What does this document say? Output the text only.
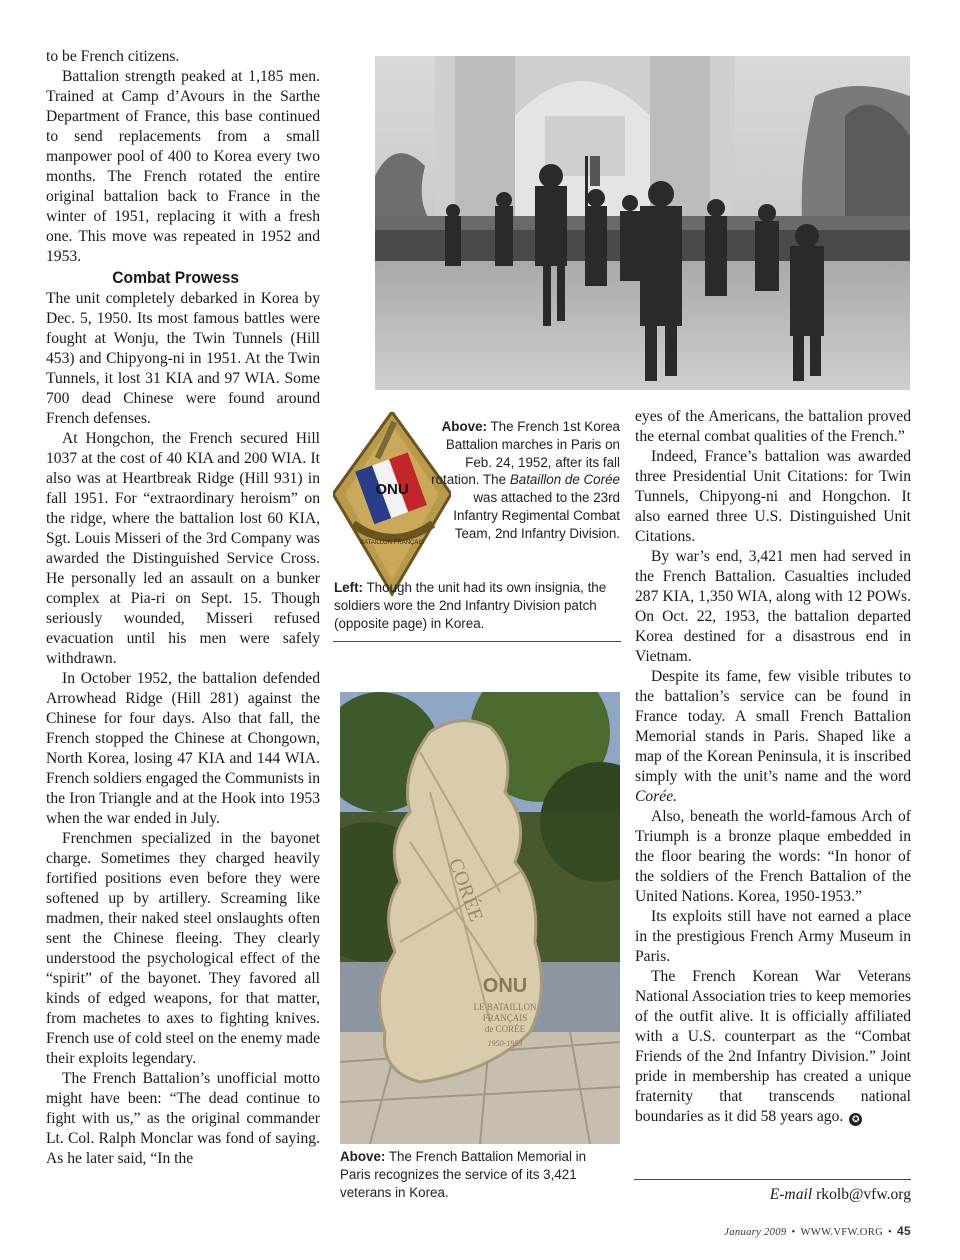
to be French citizens.

Battalion strength peaked at 1,185 men. Trained at Camp d’Avours in the Sarthe Department of France, this base continued to send replacements from a small manpower pool of 400 to Korea every two months. The French rotated the entire original battalion back to France in the winter of 1951, replacing it with a fresh one. This move was repeated in 1952 and 1953.

Combat Prowess

The unit completely debarked in Korea by Dec. 5, 1950. Its most famous battles were fought at Wonju, the Twin Tunnels (Hill 453) and Chipyong-ni in 1951. At the Twin Tunnels, it lost 31 KIA and 97 WIA. Some 700 dead Chinese were found around French defenses.

At Hongchon, the French secured Hill 1037 at the cost of 40 KIA and 200 WIA. It also was at Heartbreak Ridge (Hill 931) in fall 1951. For “extraordinary heroism” on the ridge, where the battalion lost 60 KIA, Sgt. Louis Misseri of the 3rd Company was awarded the Distinguished Service Cross. He personally led an assault on a bunker complex at Pia-ri on Sept. 15. Though seriously wounded, Misseri refused evacuation until his men were safely withdrawn.

In October 1952, the battalion defended Arrowhead Ridge (Hill 281) against the Chinese for four days. Also that fall, the French stopped the Chinese at Chongown, North Korea, losing 47 KIA and 144 WIA. French soldiers engaged the Communists in the Iron Triangle and at the Hook into 1953 when the war ended in July.

Frenchmen specialized in the bayonet charge. Sometimes they charged heavily fortified positions even before they were softened up by artillery. Screaming like madmen, their naked steel onslaughts often sent the Chinese fleeing. They clearly understood the psychological effect of the “spirit” of the bayonet. They favored all kinds of edged weapons, for that matter, from machetes to axes to fighting knives. French use of cold steel on the enemy made their exploits legendary.

The French Battalion’s unofficial motto might have been: “The dead continue to fight with us,” as the original commander Lt. Col. Ralph Monclar was fond of saying. As he later said, “In the

ONU
BATAILLON FRANÇAIS
Above: The French 1st Korea Battalion marches in Paris on Feb. 24, 1952, after its fall rotation. The Bataillon de Corée was attached to the 23rd Infantry Regimental Combat Team, 2nd Infantry Division.
Left: Though the unit had its own insignia, the soldiers wore the 2nd Infantry Division patch (opposite page) in Korea.
CORÉE
ONU
LE BATAILLON
FRANÇAIS
de CORÉE
1950-1953
Above: The French Battalion Memorial in Paris recognizes the service of its 3,421 veterans in Korea.

eyes of the Americans, the battalion proved the eternal combat qualities of the French.”

Indeed, France’s battalion was awarded three Presidential Unit Citations: for Twin Tunnels, Chipyong-ni and Hongchon. It also earned three U.S. Distinguished Unit Citations.

By war’s end, 3,421 men had served in the French Battalion. Casualties included 287 KIA, 1,350 WIA, along with 12 POWs. On Oct. 22, 1953, the battalion departed Korea destined for a disastrous end in Vietnam.

Despite its fame, few visible tributes to the battalion’s service can be found in France today. A small French Battalion Memorial stands in Paris. Shaped like a map of the Korean Peninsula, it is inscribed simply with the unit’s name and the word Corée.

Also, beneath the world-famous Arch of Triumph is a bronze plaque embedded in the floor bearing the words: “In honor of the soldiers of the French Battalion of the United Nations. Korea, 1950-1953.”

Its exploits still have not earned a place in the prestigious French Army Museum in Paris.

The French Korean War Veterans National Association tries to keep memories of the outfit alive. It is officially affiliated with a U.S. counterpart as the “Combat Friends of the 2nd Infantry Division.” Joint pride in membership has created a unique fraternity that transcends national boundaries as it did 58 years ago. ✪

E-mail rkolb@vfw.org
January 2009 • WWW.VFW.ORG • 45
